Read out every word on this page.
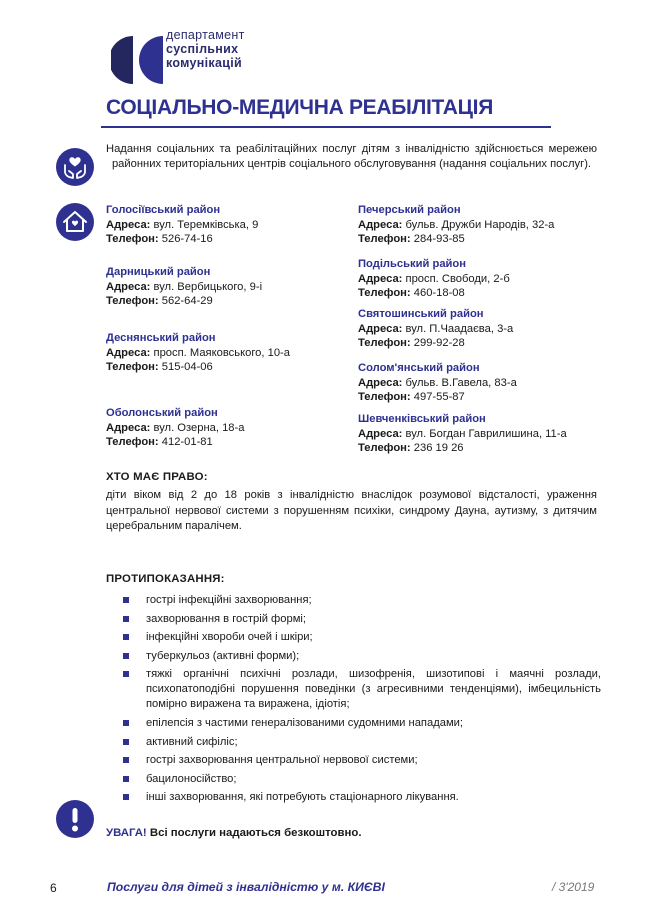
департамент
суспільних
комунікацій
СОЦІАЛЬНО-МЕДИЧНА РЕАБІЛІТАЦІЯ
Надання соціальних та реабілітаційних послуг дітям з інвалідністю здійснюється мережею районних територіальних центрів соціального обслуговування (надання соціальних послуг).
Голосіївський район
Адреса: вул. Теремківська, 9
Телефон: 526-74-16
Дарницький район
Адреса: вул. Вербицького, 9-і
Телефон: 562-64-29
Деснянський район
Адреса: просп. Маяковського, 10-а
Телефон: 515-04-06
Оболонський район
Адреса: вул. Озерна, 18-а
Телефон: 412-01-81
Печерський район
Адреса: бульв. Дружби Народів, 32-а
Телефон: 284-93-85
Подільський район
Адреса: просп. Свободи, 2-б
Телефон: 460-18-08
Святошинський район
Адреса: вул. П.Чаадаєва, 3-а
Телефон: 299-92-28
Солом'янський район
Адреса: бульв. В.Гавела, 83-а
Телефон: 497-55-87
Шевченківський район
Адреса: вул. Богдан Гаврилишина, 11-а
Телефон: 236 19 26
ХТО МАЄ ПРАВО:
діти віком від 2 до 18 років з інвалідністю внаслідок розумової відсталості, ураження центральної нервової системи з порушенням психіки, синдрому Дауна, аутизму, з дитячим церебральним паралічем.
ПРОТИПОКАЗАННЯ:
гострі інфекційні захворювання;
захворювання в гострій формі;
інфекційні хвороби очей і шкіри;
туберкульоз (активні форми);
тяжкі органічні психічні розлади, шизофренія, шизотипові і маячні розлади, психопатоподібні порушення поведінки (з агресивними тенденціями), імбецильність помірно виражена та виражена, ідіотія;
епілепсія з частими генералізованими судомними нападами;
активний сифіліс;
гострі захворювання центральної нервової системи;
бацилоносійство;
інші захворювання, які потребують стаціонарного лікування.
УВАГА! Всі послуги надаються безкоштовно.
6	Послуги для дітей з інвалідністю у м. КИЄВІ	/ 3'2019
